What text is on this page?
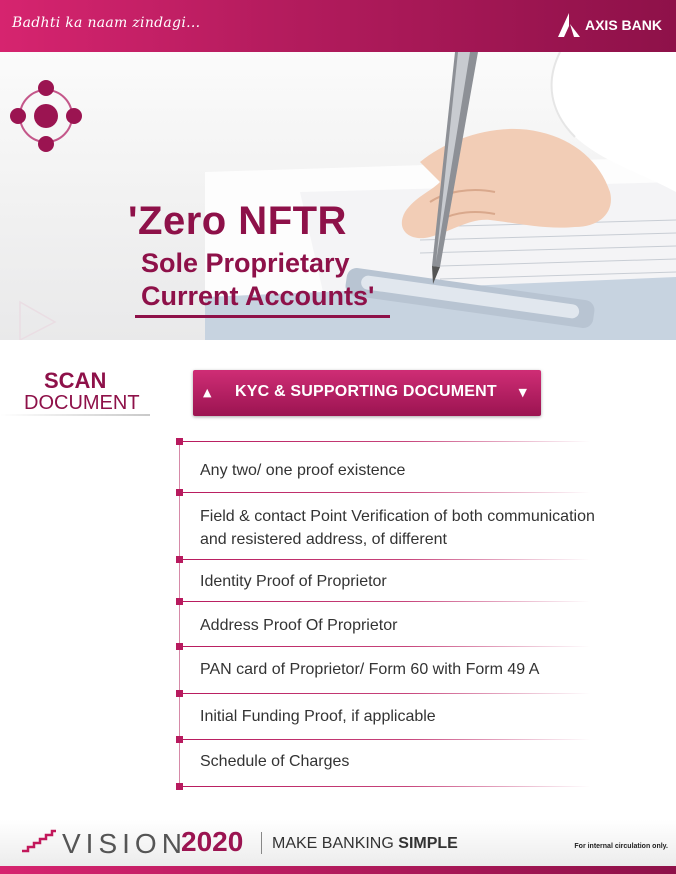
Badhti ka naam zindagi...	AXIS BANK
'Zero NFTR
Sole Proprietary
Current Accounts'
SCAN
DOCUMENT	▲ KYC & SUPPORTING DOCUMENT ▼
Any two/ one proof existence
Field & contact Point Verification of both communication
and resistered address, of different
Identity Proof of Proprietor
Address Proof Of Proprietor
PAN card of Proprietor/ Form 60 with Form 49 A
Initial Funding Proof, if applicable
Schedule of Charges
VISION
2020 MAKE BANKING SIMPLE	For internal circulation only.
